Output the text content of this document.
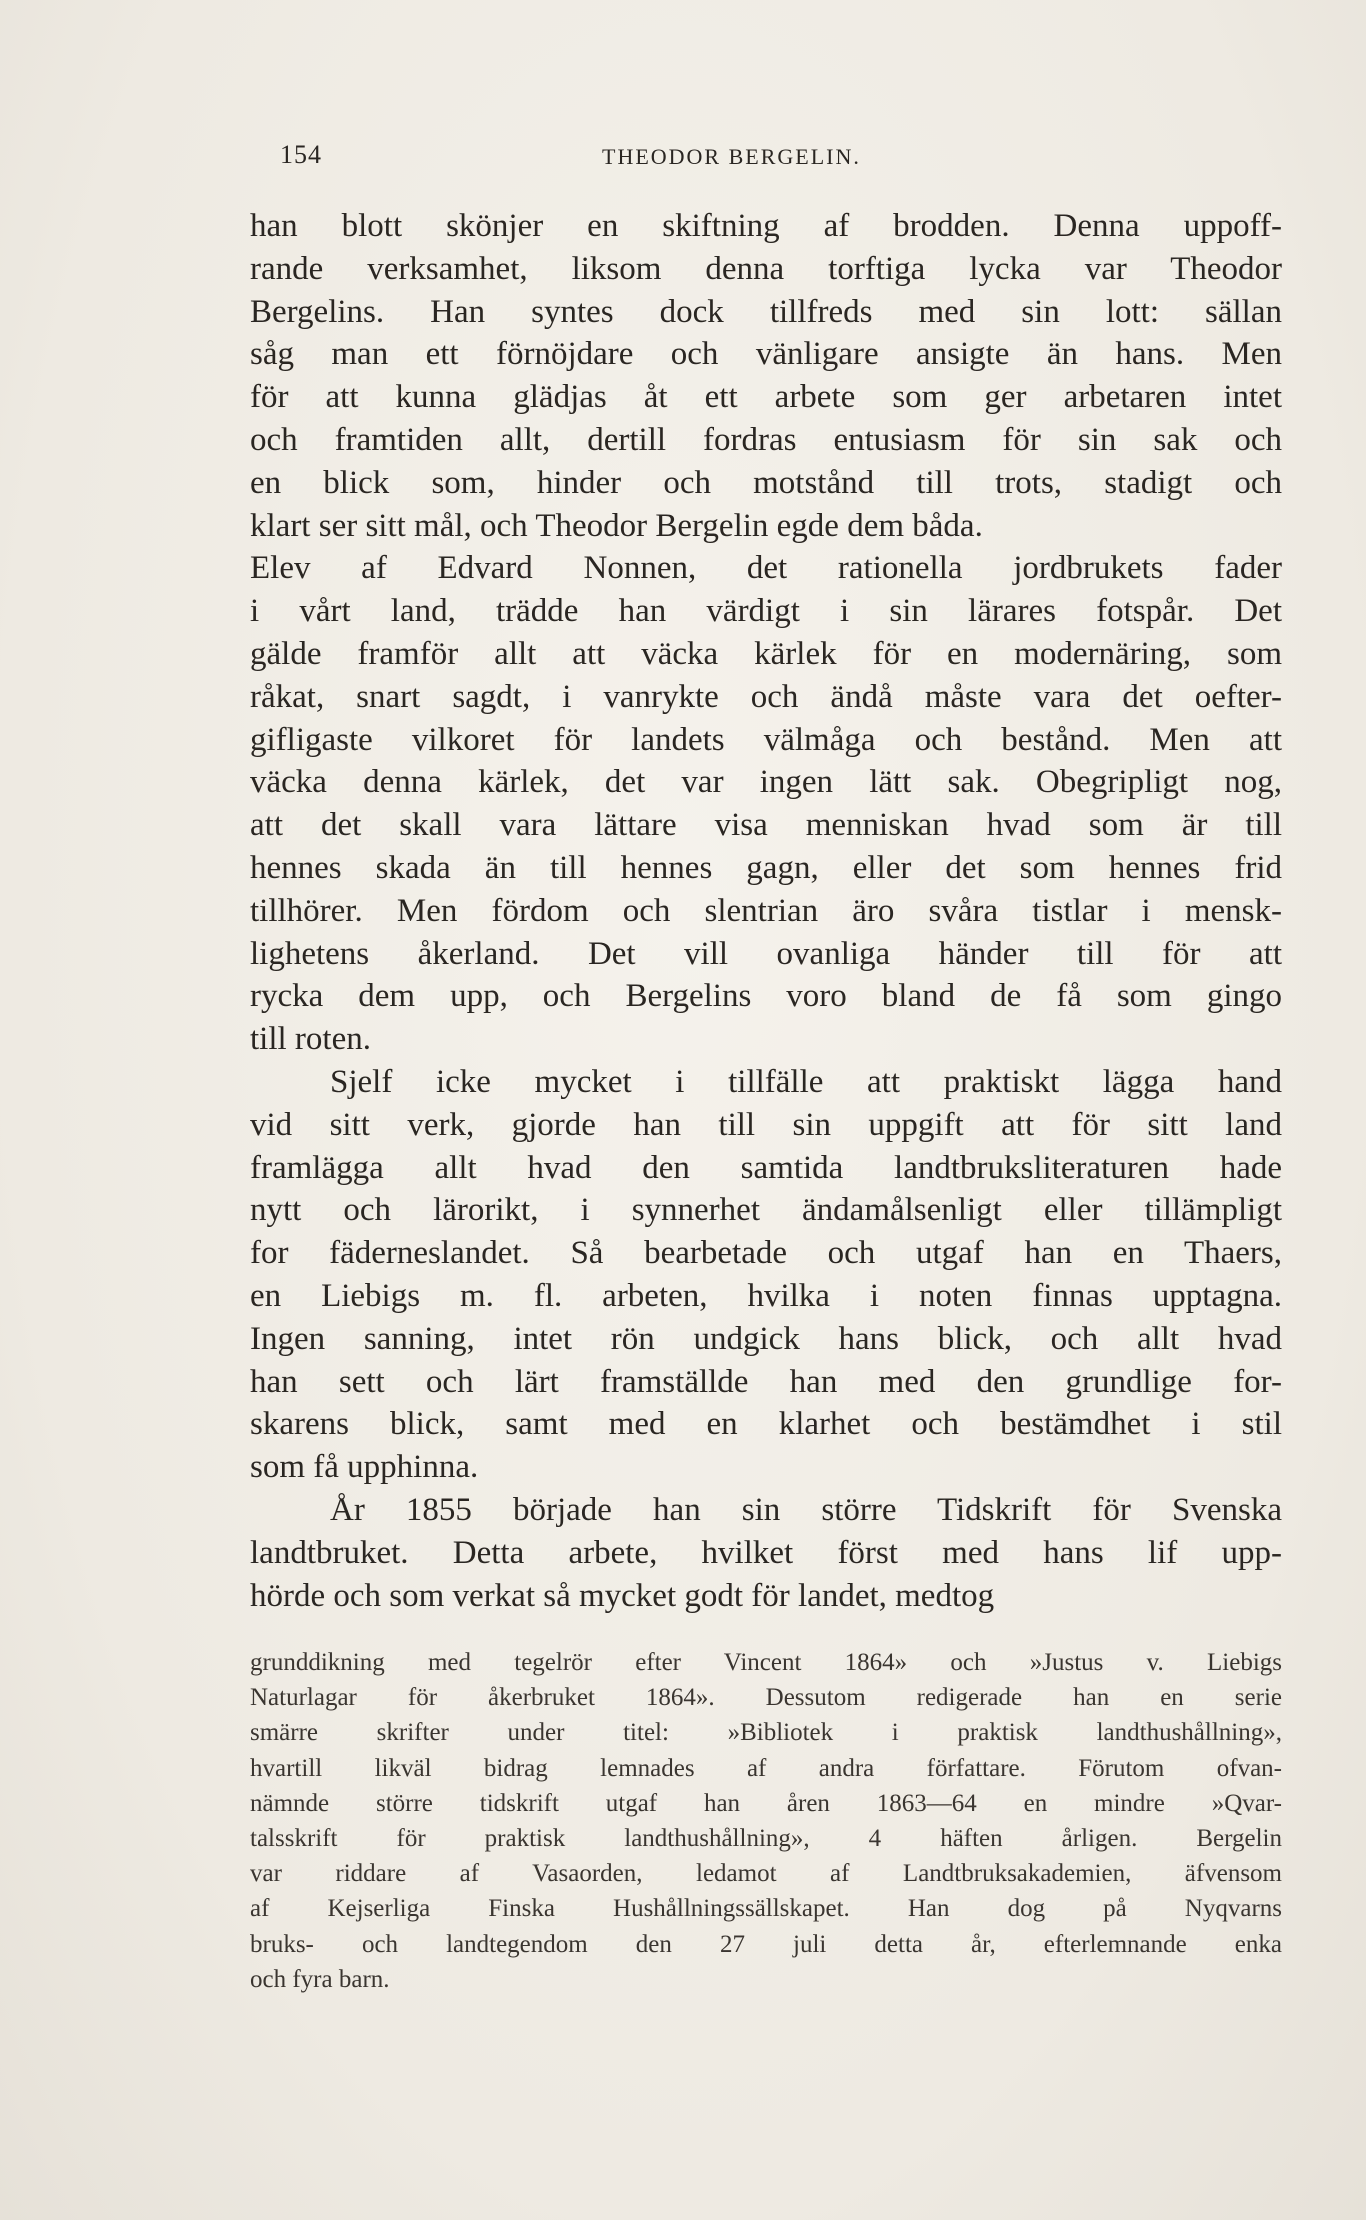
154	THEODOR BERGELIN.
han blott skönjer en skiftning af brodden. Denna uppoff-
rande verksamhet, liksom denna torftiga lycka var Theodor
Bergelins. Han syntes dock tillfreds med sin lott: sällan
såg man ett förnöjdare och vänligare ansigte än hans. Men
för att kunna glädjas åt ett arbete som ger arbetaren intet
och framtiden allt, dertill fordras entusiasm för sin sak och
en blick som, hinder och motstånd till trots, stadigt och
klart ser sitt mål, och Theodor Bergelin egde dem båda.
Elev af Edvard Nonnen, det rationella jordbrukets fader
i vårt land, trädde han värdigt i sin lärares fotspår. Det
gälde framför allt att väcka kärlek för en modernäring, som
råkat, snart sagdt, i vanrykte och ändå måste vara det oefter-
gifligaste vilkoret för landets välmåga och bestånd. Men att
väcka denna kärlek, det var ingen lätt sak. Obegripligt nog,
att det skall vara lättare visa menniskan hvad som är till
hennes skada än till hennes gagn, eller det som hennes frid
tillhörer. Men fördom och slentrian äro svåra tistlar i mensk-
lighetens åkerland. Det vill ovanliga händer till för att
rycka dem upp, och Bergelins voro bland de få som gingo
till roten.
Sjelf icke mycket i tillfälle att praktiskt lägga hand
vid sitt verk, gjorde han till sin uppgift att för sitt land
framlägga allt hvad den samtida landtbruksliteraturen hade
nytt och lärorikt, i synnerhet ändamålsenligt eller tillämpligt
for fäderneslandet. Så bearbetade och utgaf han en Thaers,
en Liebigs m. fl. arbeten, hvilka i noten finnas upptagna.
Ingen sanning, intet rön undgick hans blick, och allt hvad
han sett och lärt framställde han med den grundlige for-
skarens blick, samt med en klarhet och bestämdhet i stil
som få upphinna.
År 1855 började han sin större Tidskrift för Svenska
landtbruket. Detta arbete, hvilket först med hans lif upp-
hörde och som verkat så mycket godt för landet, medtog
grunddikning med tegelrör efter Vincent 1864» och »Justus v. Liebigs
Naturlagar för åkerbruket 1864». Dessutom redigerade han en serie
smärre skrifter under titel: »Bibliotek i praktisk landthushållning»,
hvartill likväl bidrag lemnades af andra författare. Förutom ofvan-
nämnde större tidskrift utgaf han åren 1863—64 en mindre »Qvar-
talsskrift för praktisk landthushållning», 4 häften årligen. Bergelin
var riddare af Vasaorden, ledamot af Landtbruksakademien, äfvensom
af Kejserliga Finska Hushållningssällskapet. Han dog på Nyqvarns
bruks- och landtegendom den 27 juli detta år, efterlemnande enka
och fyra barn.
